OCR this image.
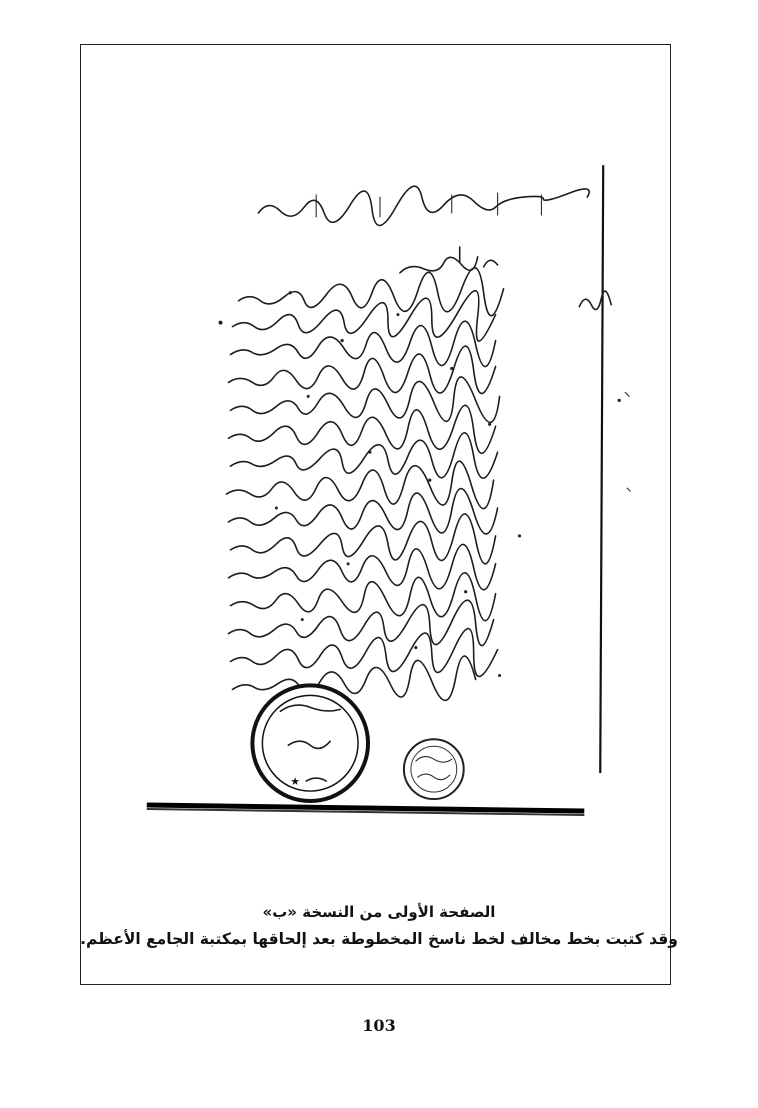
★
الصفحة الأولى من النسخة «ب»
وقد كتبت بخط مخالف لخط ناسخ المخطوطة بعد إلحاقها بمكتبة الجامع الأعظم.
103
